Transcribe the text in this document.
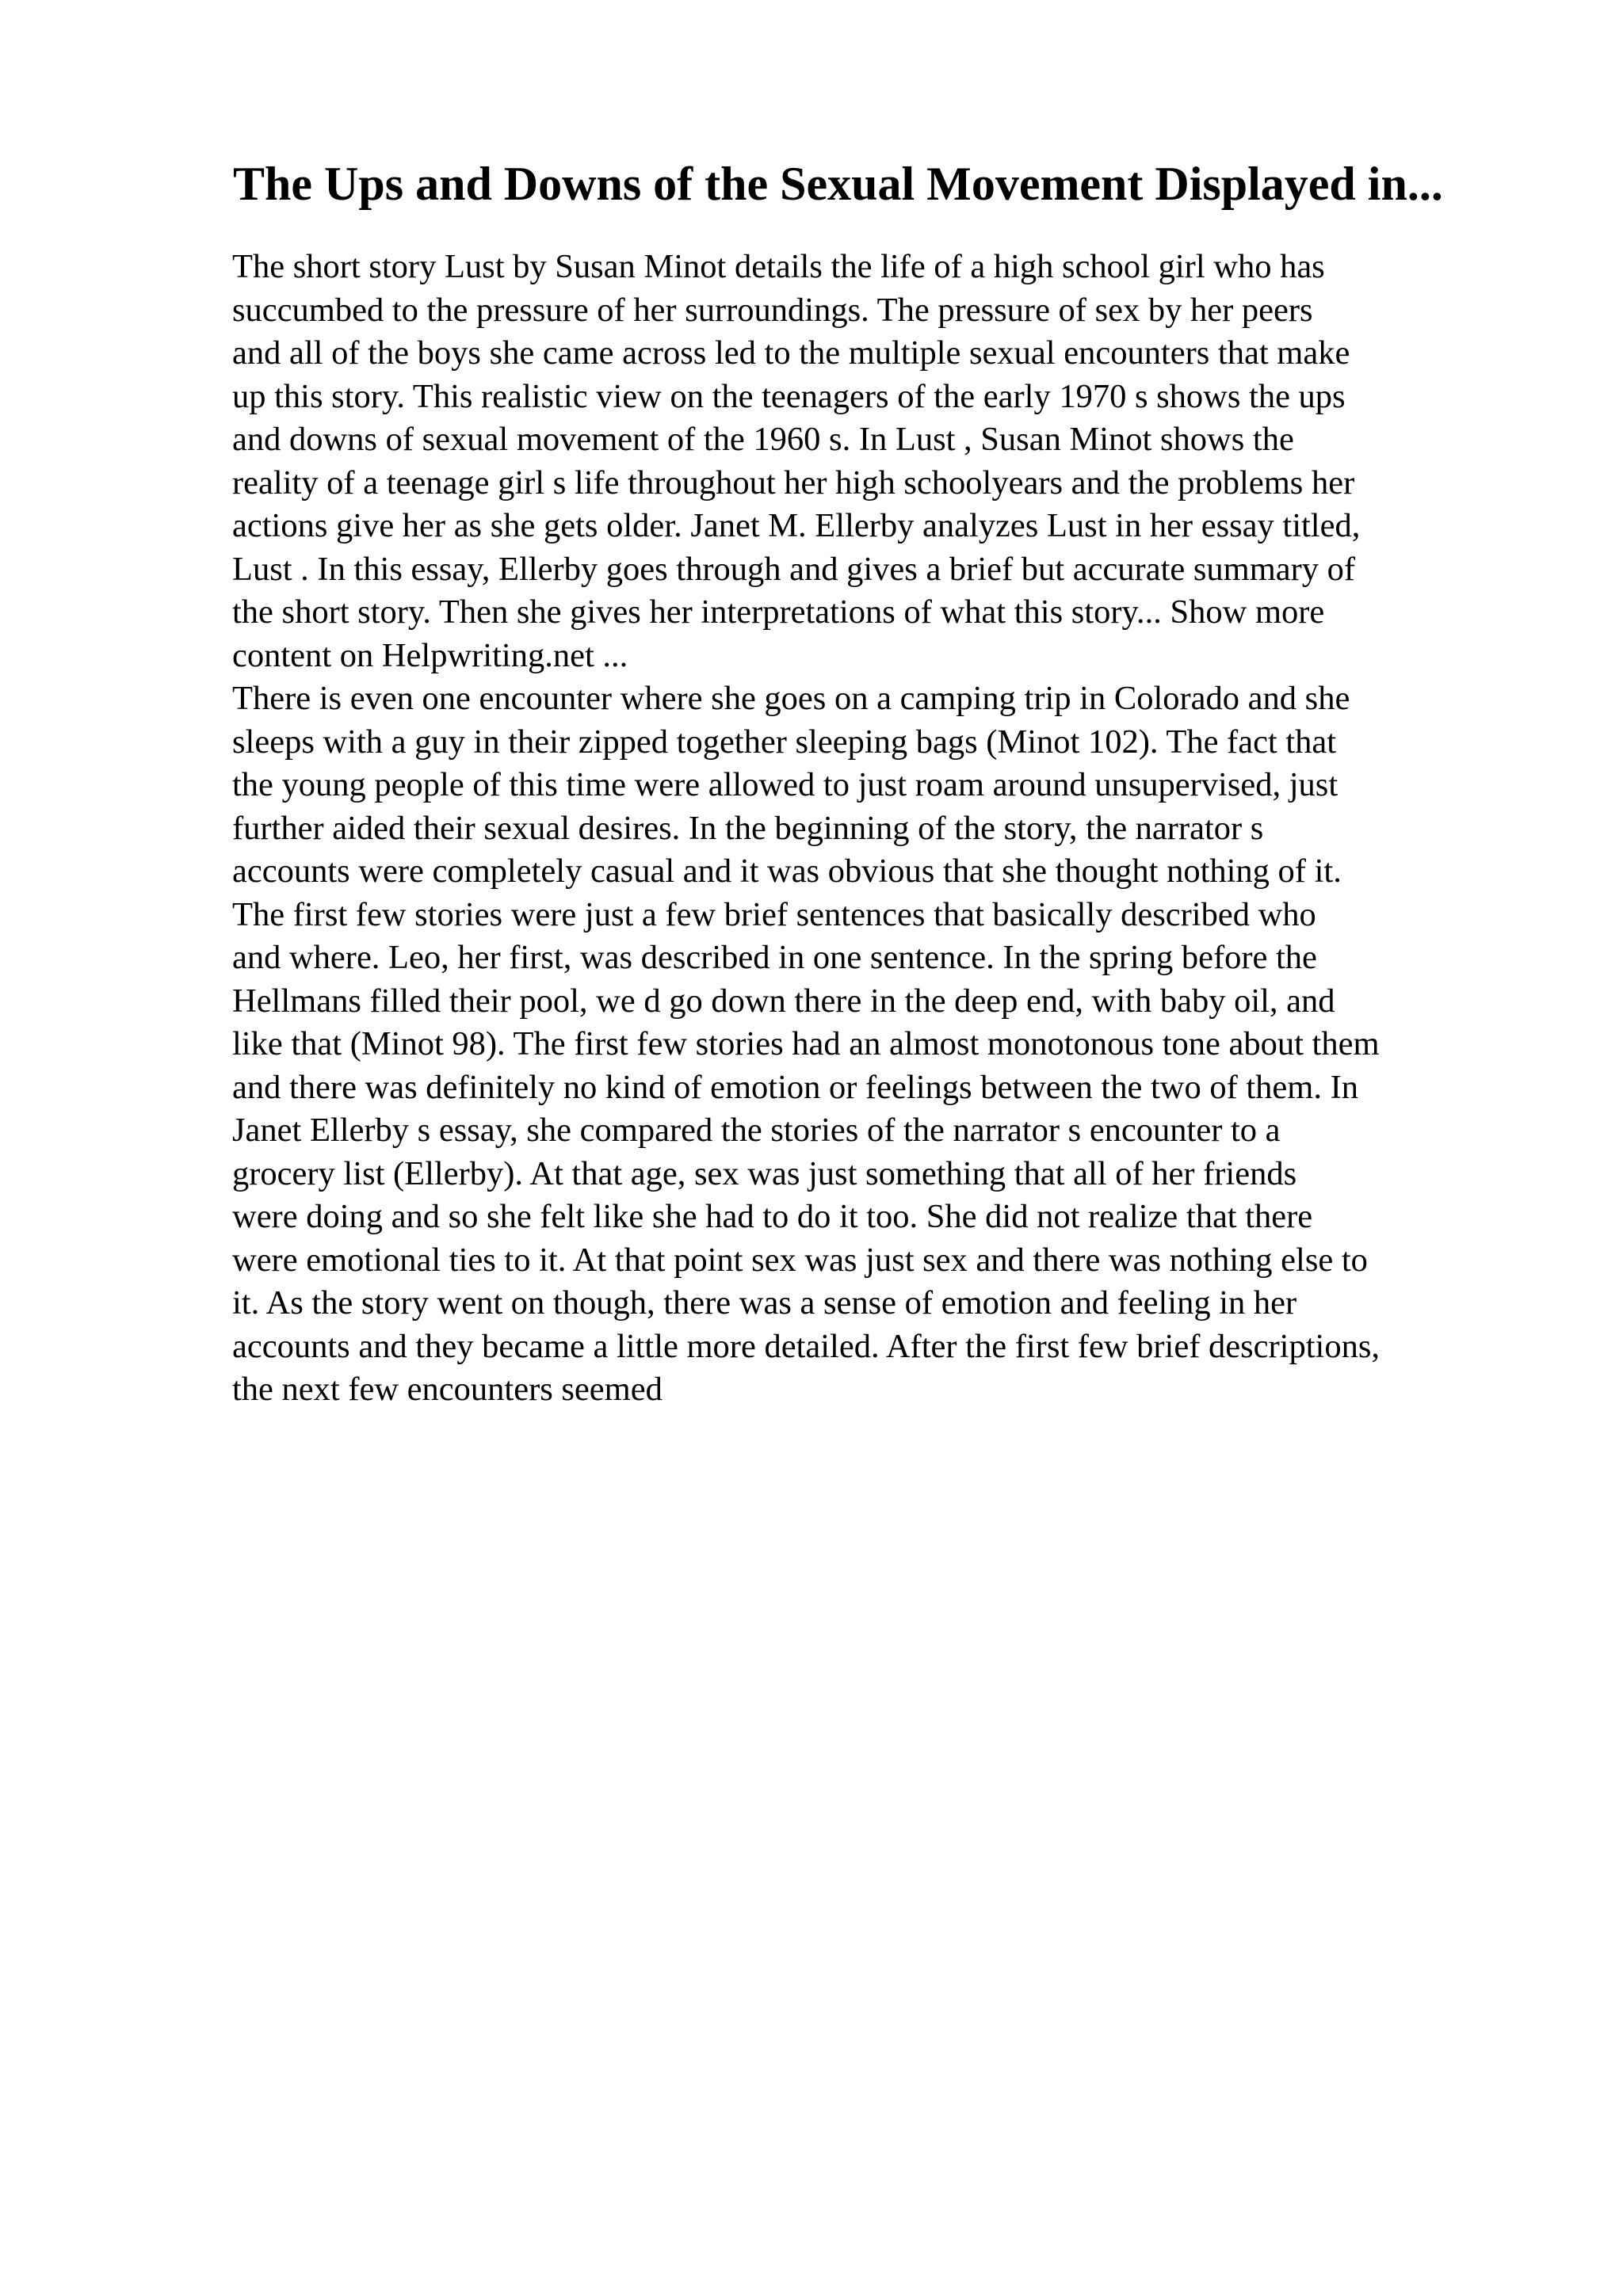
The Ups and Downs of the Sexual Movement Displayed in...
The short story Lust by Susan Minot details the life of a high school girl who has
succumbed to the pressure of her surroundings. The pressure of sex by her peers
and all of the boys she came across led to the multiple sexual encounters that make
up this story. This realistic view on the teenagers of the early 1970 s shows the ups
and downs of sexual movement of the 1960 s. In Lust , Susan Minot shows the
reality of a teenage girl s life throughout her high schoolyears and the problems her
actions give her as she gets older. Janet M. Ellerby analyzes Lust in her essay titled,
Lust . In this essay, Ellerby goes through and gives a brief but accurate summary of
the short story. Then she gives her interpretations of what this story... Show more
content on Helpwriting.net ...
There is even one encounter where she goes on a camping trip in Colorado and she
sleeps with a guy in their zipped together sleeping bags (Minot 102). The fact that
the young people of this time were allowed to just roam around unsupervised, just
further aided their sexual desires. In the beginning of the story, the narrator s
accounts were completely casual and it was obvious that she thought nothing of it.
The first few stories were just a few brief sentences that basically described who
and where. Leo, her first, was described in one sentence. In the spring before the
Hellmans filled their pool, we d go down there in the deep end, with baby oil, and
like that (Minot 98). The first few stories had an almost monotonous tone about them
and there was definitely no kind of emotion or feelings between the two of them. In
Janet Ellerby s essay, she compared the stories of the narrator s encounter to a
grocery list (Ellerby). At that age, sex was just something that all of her friends
were doing and so she felt like she had to do it too. She did not realize that there
were emotional ties to it. At that point sex was just sex and there was nothing else to
it. As the story went on though, there was a sense of emotion and feeling in her
accounts and they became a little more detailed. After the first few brief descriptions,
the next few encounters seemed
